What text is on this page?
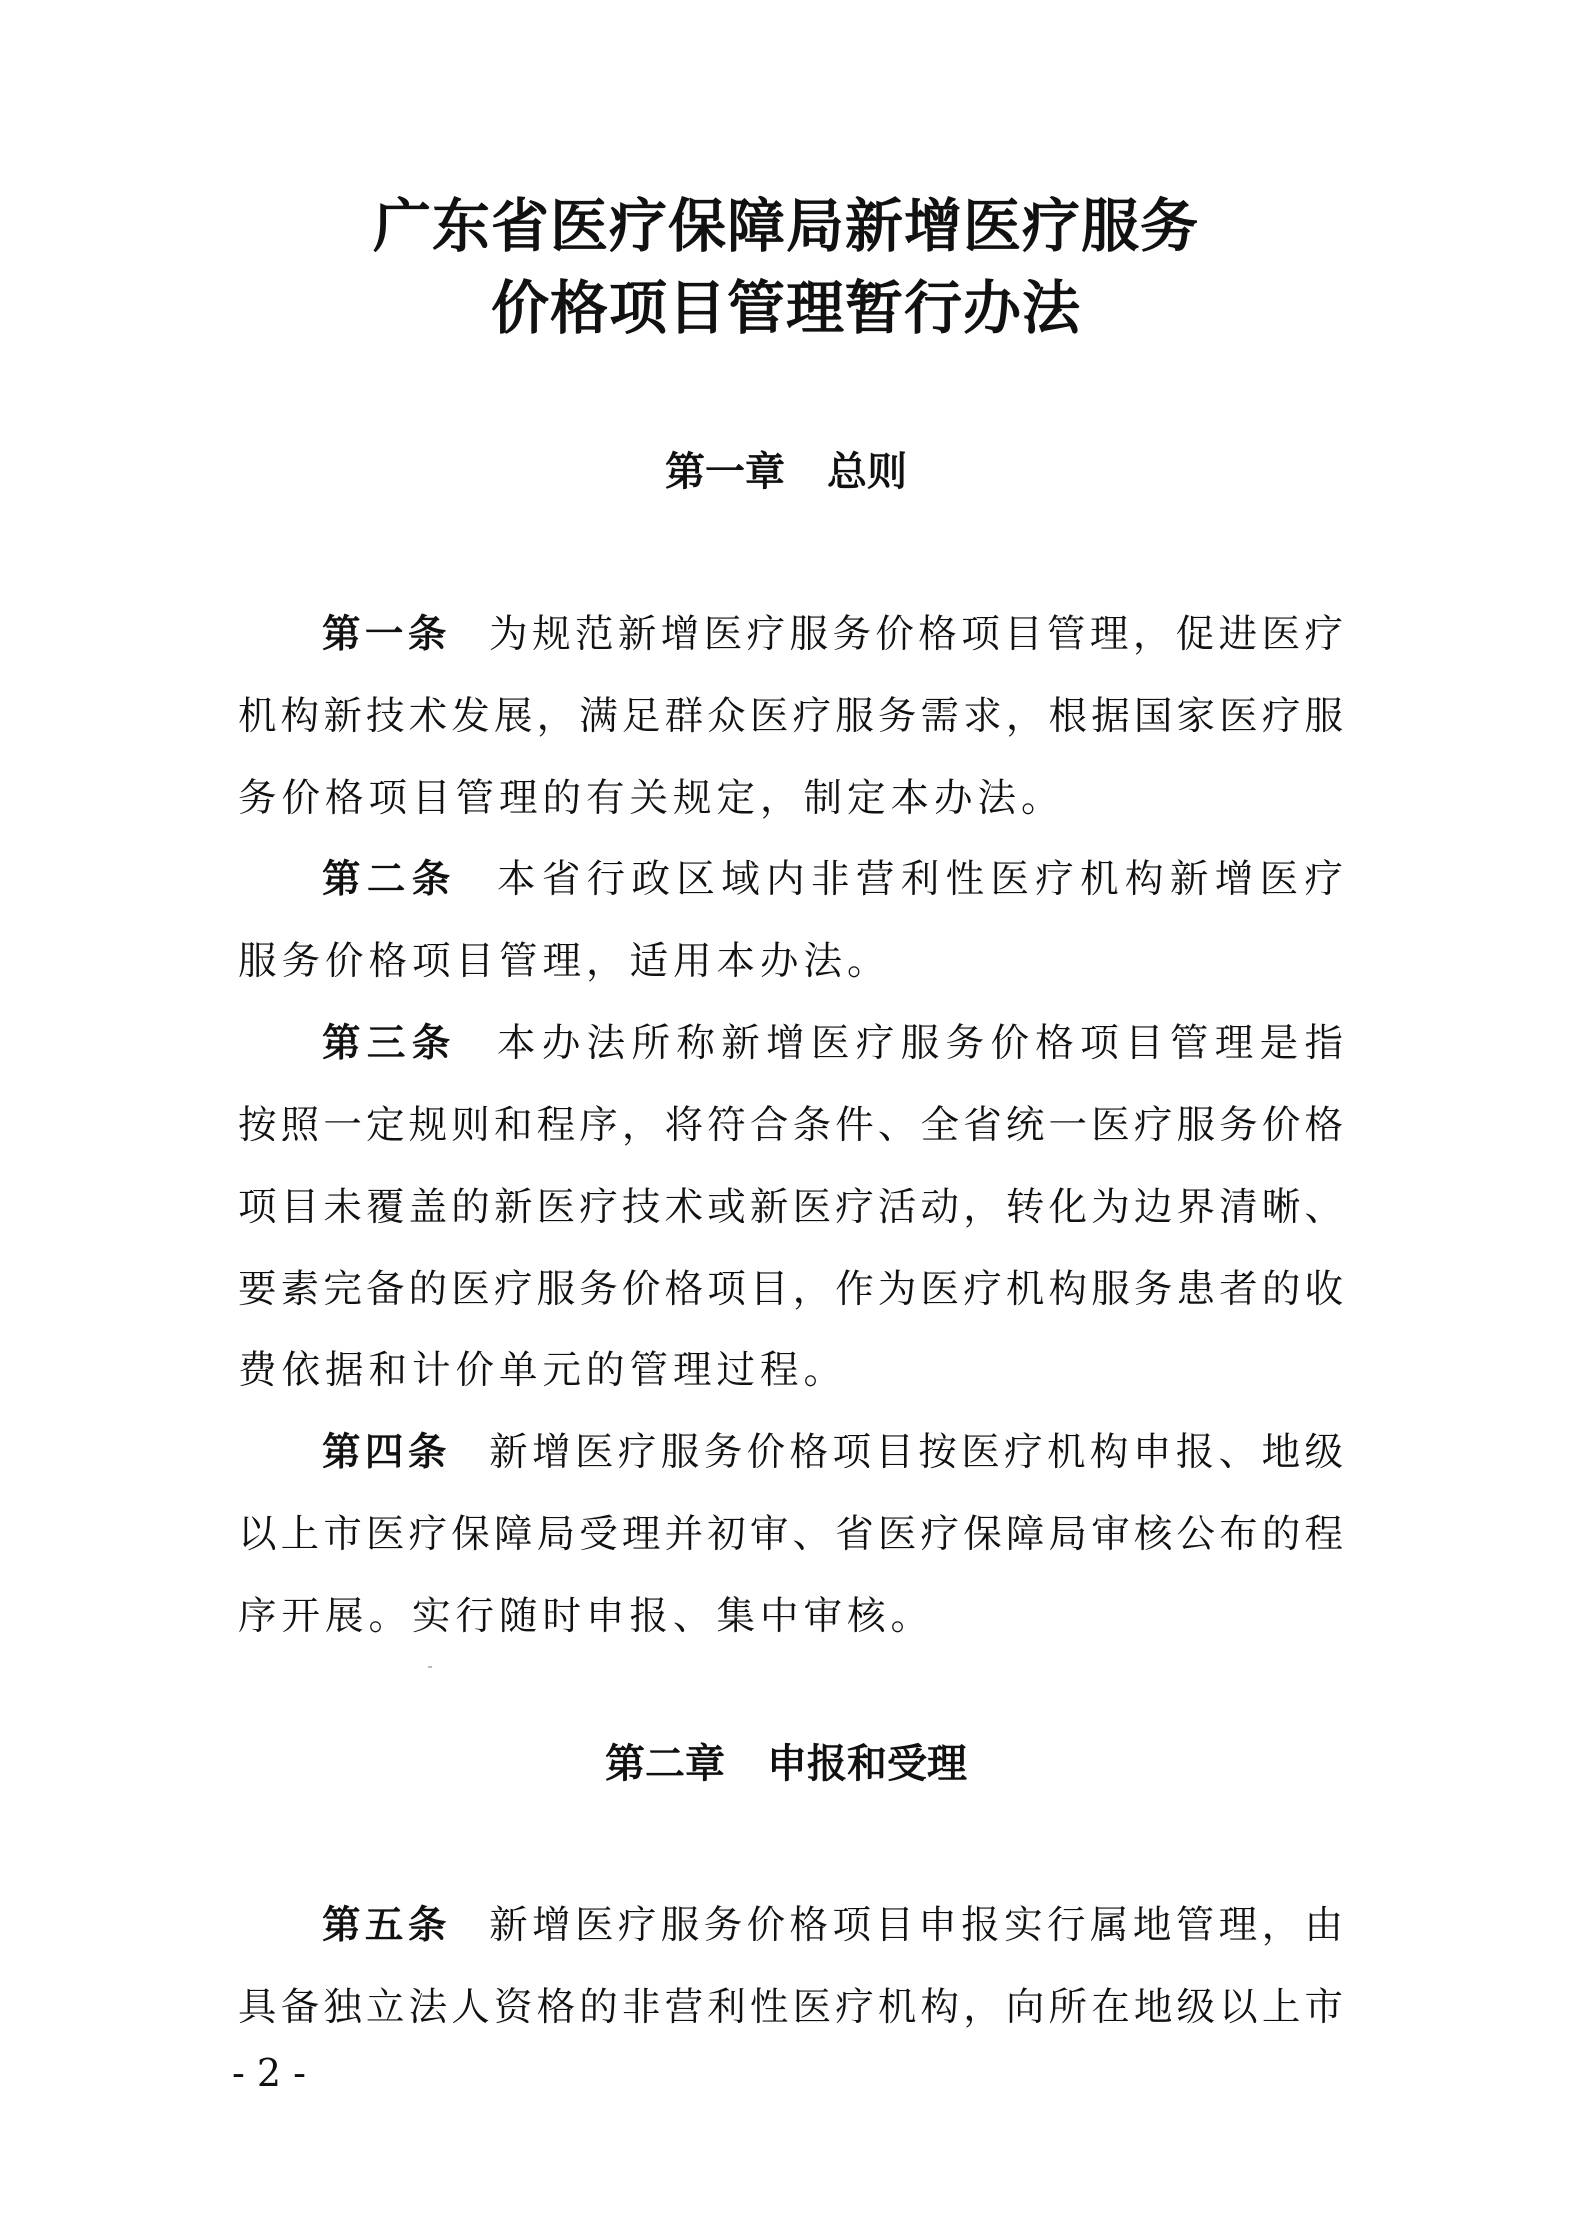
广东省医疗保障局新增医疗服务
价格项目管理暂行办法
第一章 总则
第一条 为规范新增医疗服务价格项目管理，促进医疗
机构新技术发展，满足群众医疗服务需求，根据国家医疗服
务价格项目管理的有关规定，制定本办法。
第二条 本省行政区域内非营利性医疗机构新增医疗
服务价格项目管理，适用本办法。
第三条 本办法所称新增医疗服务价格项目管理是指
按照一定规则和程序，将符合条件、全省统一医疗服务价格
项目未覆盖的新医疗技术或新医疗活动，转化为边界清晰、
要素完备的医疗服务价格项目，作为医疗机构服务患者的收
费依据和计价单元的管理过程。
第四条 新增医疗服务价格项目按医疗机构申报、地级
以上市医疗保障局受理并初审、省医疗保障局审核公布的程
序开展。实行随时申报、集中审核。
第二章 申报和受理
第五条 新增医疗服务价格项目申报实行属地管理，由
具备独立法人资格的非营利性医疗机构，向所在地级以上市
- 2 -
